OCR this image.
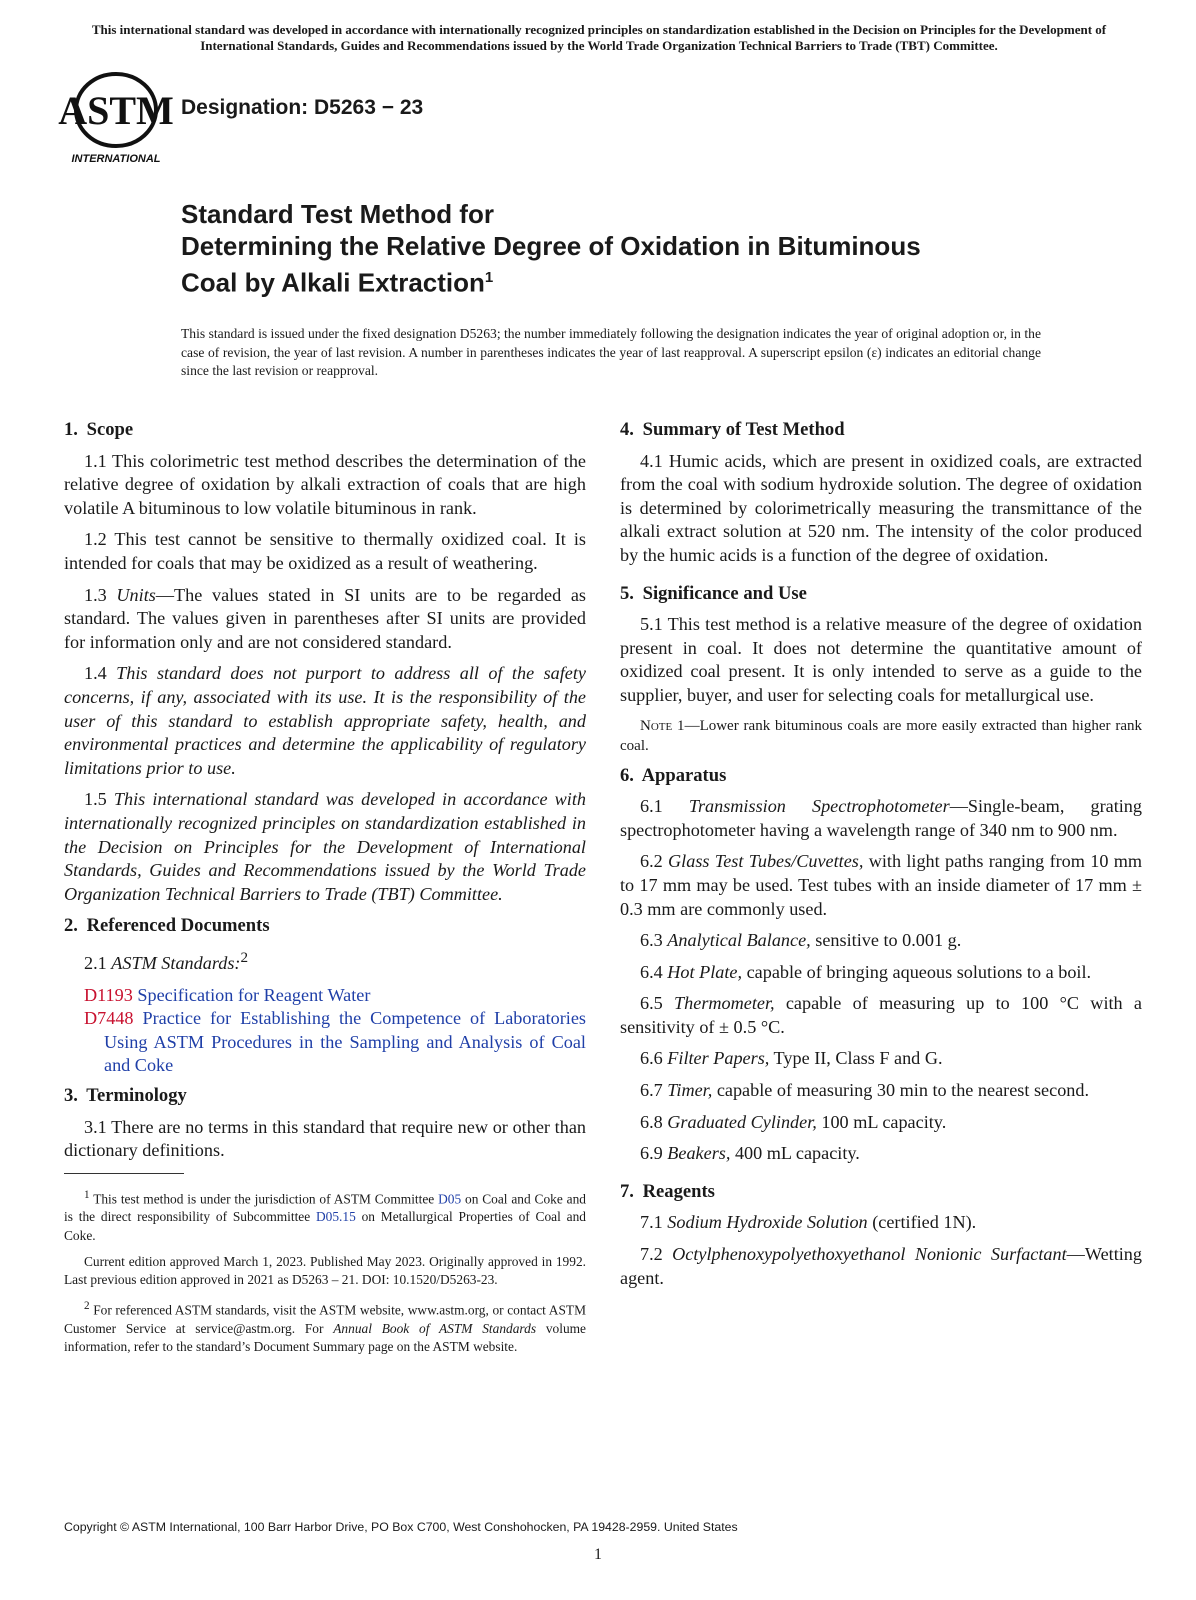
This international standard was developed in accordance with internationally recognized principles on standardization established in the Decision on Principles for the Development of International Standards, Guides and Recommendations issued by the World Trade Organization Technical Barriers to Trade (TBT) Committee.
ASTM
INTERNATIONAL
Designation: D5263 − 23
Standard Test Method for
Determining the Relative Degree of Oxidation in Bituminous
Coal by Alkali Extraction$^1$
This standard is issued under the fixed designation D5263; the number immediately following the designation indicates the year of original adoption or, in the case of revision, the year of last revision. A number in parentheses indicates the year of last reapproval. A superscript epsilon (ε) indicates an editorial change since the last revision or reapproval.
1. Scope

1.1 This colorimetric test method describes the determination of the relative degree of oxidation by alkali extraction of coals that are high volatile A bituminous to low volatile bituminous in rank.

1.2 This test cannot be sensitive to thermally oxidized coal. It is intended for coals that may be oxidized as a result of weathering.

1.3 Units—The values stated in SI units are to be regarded as standard. The values given in parentheses after SI units are provided for information only and are not considered standard.

1.4 This standard does not purport to address all of the safety concerns, if any, associated with its use. It is the responsibility of the user of this standard to establish appropriate safety, health, and environmental practices and determine the applicability of regulatory limitations prior to use.

1.5 This international standard was developed in accordance with internationally recognized principles on standardization established in the Decision on Principles for the Development of International Standards, Guides and Recommendations issued by the World Trade Organization Technical Barriers to Trade (TBT) Committee.

2. Referenced Documents

2.1 ASTM Standards:$^2$

D1193 Specification for Reagent Water

D7448 Practice for Establishing the Competence of Laboratories Using ASTM Procedures in the Sampling and Analysis of Coal and Coke

3. Terminology

3.1 There are no terms in this standard that require new or other than dictionary definitions.

$^1$ This test method is under the jurisdiction of ASTM Committee D05 on Coal and Coke and is the direct responsibility of Subcommittee D05.15 on Metallurgical Properties of Coal and Coke.

Current edition approved March 1, 2023. Published May 2023. Originally approved in 1992. Last previous edition approved in 2021 as D5263 – 21. DOI: 10.1520/D5263-23.

$^2$ For referenced ASTM standards, visit the ASTM website, www.astm.org, or contact ASTM Customer Service at service@astm.org. For Annual Book of ASTM Standards volume information, refer to the standard’s Document Summary page on the ASTM website.

4. Summary of Test Method

4.1 Humic acids, which are present in oxidized coals, are extracted from the coal with sodium hydroxide solution. The degree of oxidation is determined by colorimetrically measuring the transmittance of the alkali extract solution at 520 nm. The intensity of the color produced by the humic acids is a function of the degree of oxidation.

5. Significance and Use

5.1 This test method is a relative measure of the degree of oxidation present in coal. It does not determine the quantitative amount of oxidized coal present. It is only intended to serve as a guide to the supplier, buyer, and user for selecting coals for metallurgical use.

Note 1—Lower rank bituminous coals are more easily extracted than higher rank coal.

6. Apparatus

6.1 Transmission Spectrophotometer—Single-beam, grating spectrophotometer having a wavelength range of 340 nm to 900 nm.

6.2 Glass Test Tubes/Cuvettes, with light paths ranging from 10 mm to 17 mm may be used. Test tubes with an inside diameter of 17 mm ± 0.3 mm are commonly used.

6.3 Analytical Balance, sensitive to 0.001 g.

6.4 Hot Plate, capable of bringing aqueous solutions to a boil.

6.5 Thermometer, capable of measuring up to 100 °C with a sensitivity of ± 0.5 °C.

6.6 Filter Papers, Type II, Class F and G.

6.7 Timer, capable of measuring 30 min to the nearest second.

6.8 Graduated Cylinder, 100 mL capacity.

6.9 Beakers, 400 mL capacity.

7. Reagents

7.1 Sodium Hydroxide Solution (certified 1N).

7.2 Octylphenoxypolyethoxyethanol Nonionic Surfactant—Wetting agent.

Copyright © ASTM International, 100 Barr Harbor Drive, PO Box C700, West Conshohocken, PA 19428-2959. United States
1
